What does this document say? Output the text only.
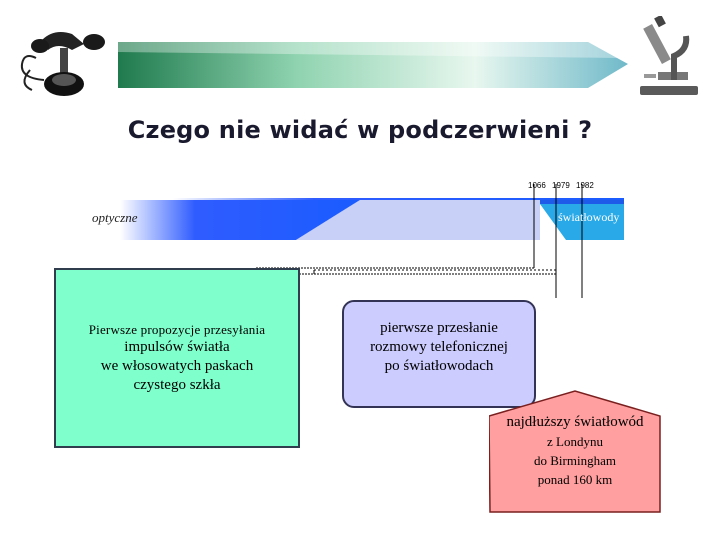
Czego nie widać w podczerwieni ?
1066 1979 1982
optyczne	światłowody
Pierwsze propozycje przesyłania
impulsów światła
we włosowatych paskach
czystego szkła
pierwsze przesłanie
rozmowy telefonicznej
po światłowodach
najdłuższy światłowód
z Londynu
do Birmingham
ponad 160 km
